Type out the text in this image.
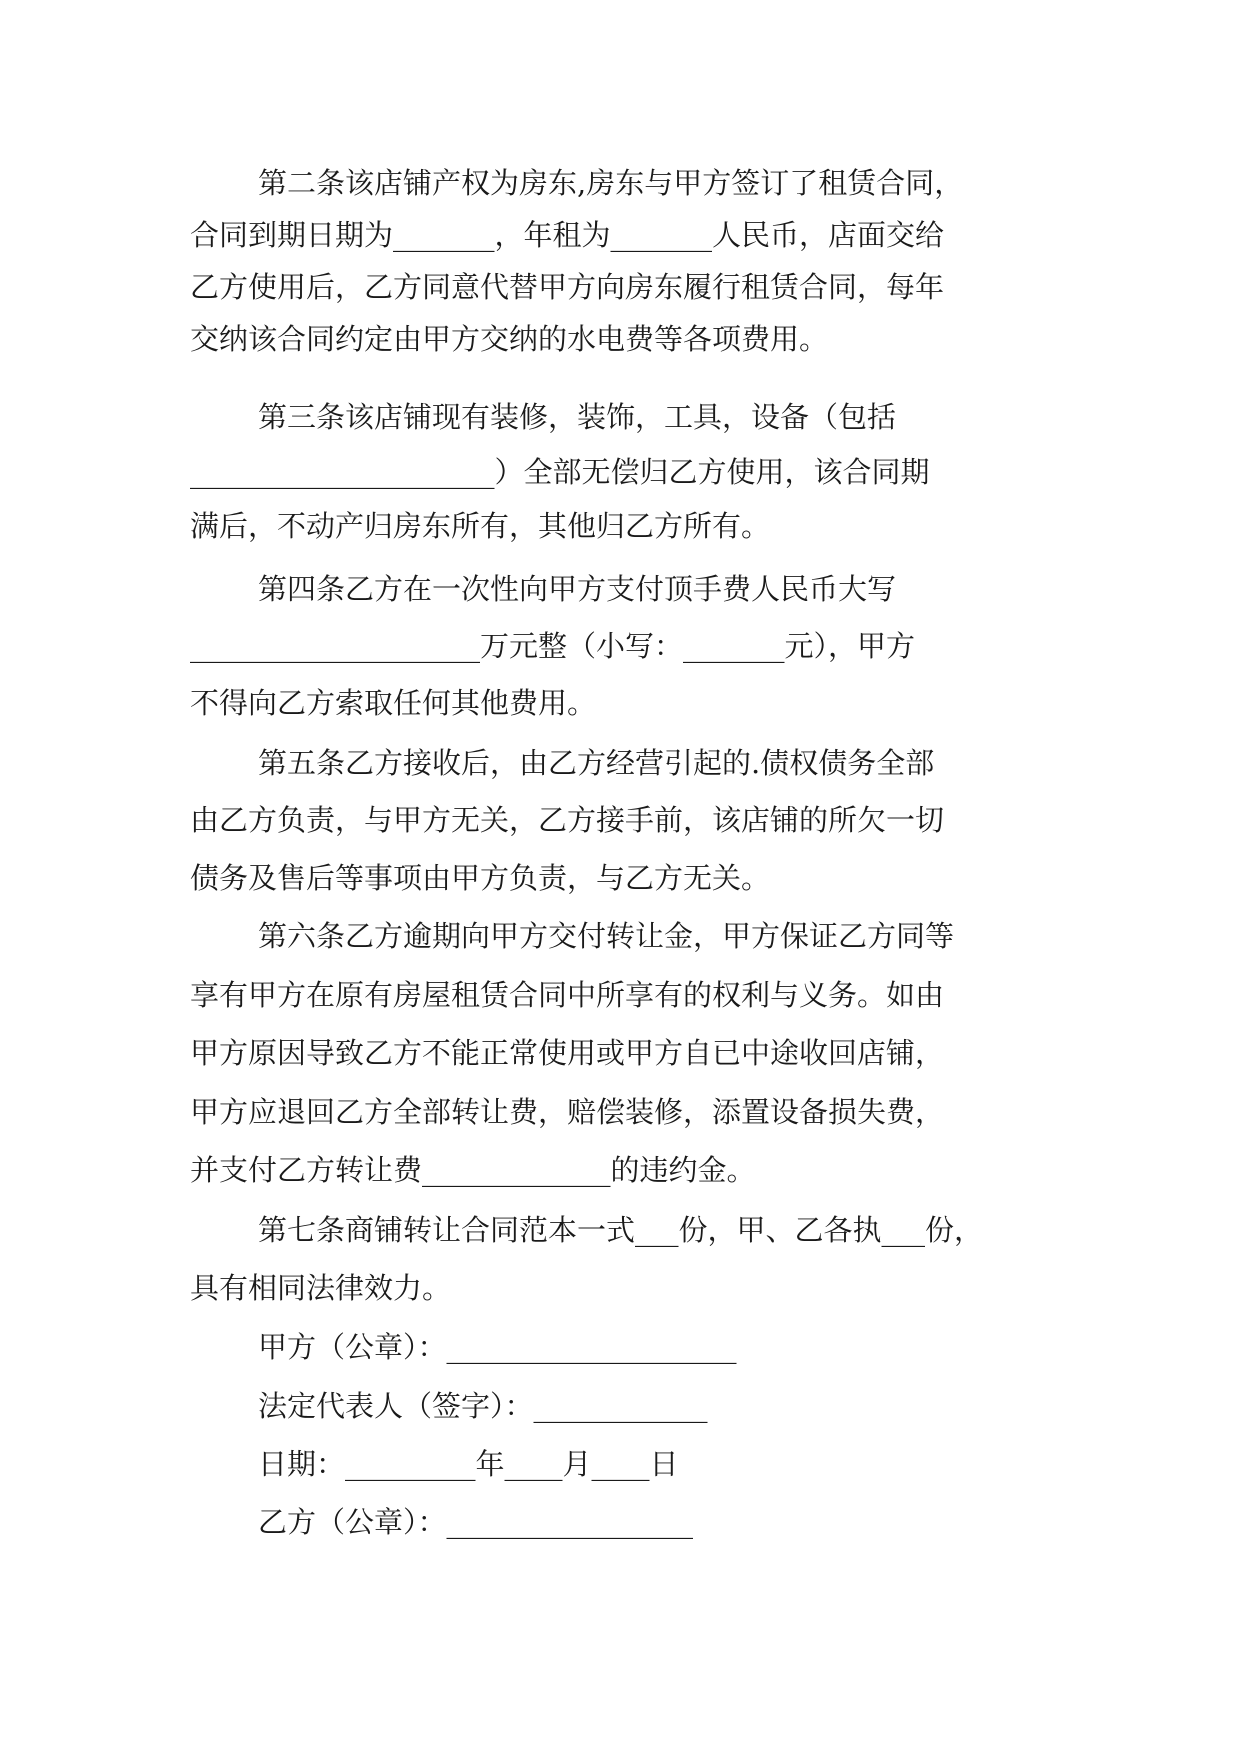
第二条该店铺产权为房东,房东与甲方签订了租赁合同，
合同到期日期为_______，年租为_______人民币，店面交给
乙方使用后，乙方同意代替甲方向房东履行租赁合同，每年
交纳该合同约定由甲方交纳的水电费等各项费用。
第三条该店铺现有装修，装饰，工具，设备（包括
_____________________）全部无偿归乙方使用，该合同期
满后，不动产归房东所有，其他归乙方所有。
第四条乙方在一次性向甲方支付顶手费人民币大写
____________________万元整（小写：_______元），甲方
不得向乙方索取任何其他费用。
第五条乙方接收后，由乙方经营引起的.债权债务全部
由乙方负责，与甲方无关，乙方接手前，该店铺的所欠一切
债务及售后等事项由甲方负责，与乙方无关。
第六条乙方逾期向甲方交付转让金，甲方保证乙方同等
享有甲方在原有房屋租赁合同中所享有的权利与义务。如由
甲方原因导致乙方不能正常使用或甲方自已中途收回店铺，
甲方应退回乙方全部转让费，赔偿装修，添置设备损失费，
并支付乙方转让费_____________的违约金。
第七条商铺转让合同范本一式___份，甲、乙各执___份，
具有相同法律效力。
甲方（公章）：____________________
法定代表人（签字）：____________
日期：_________年____月____日
乙方（公章）：_________________
